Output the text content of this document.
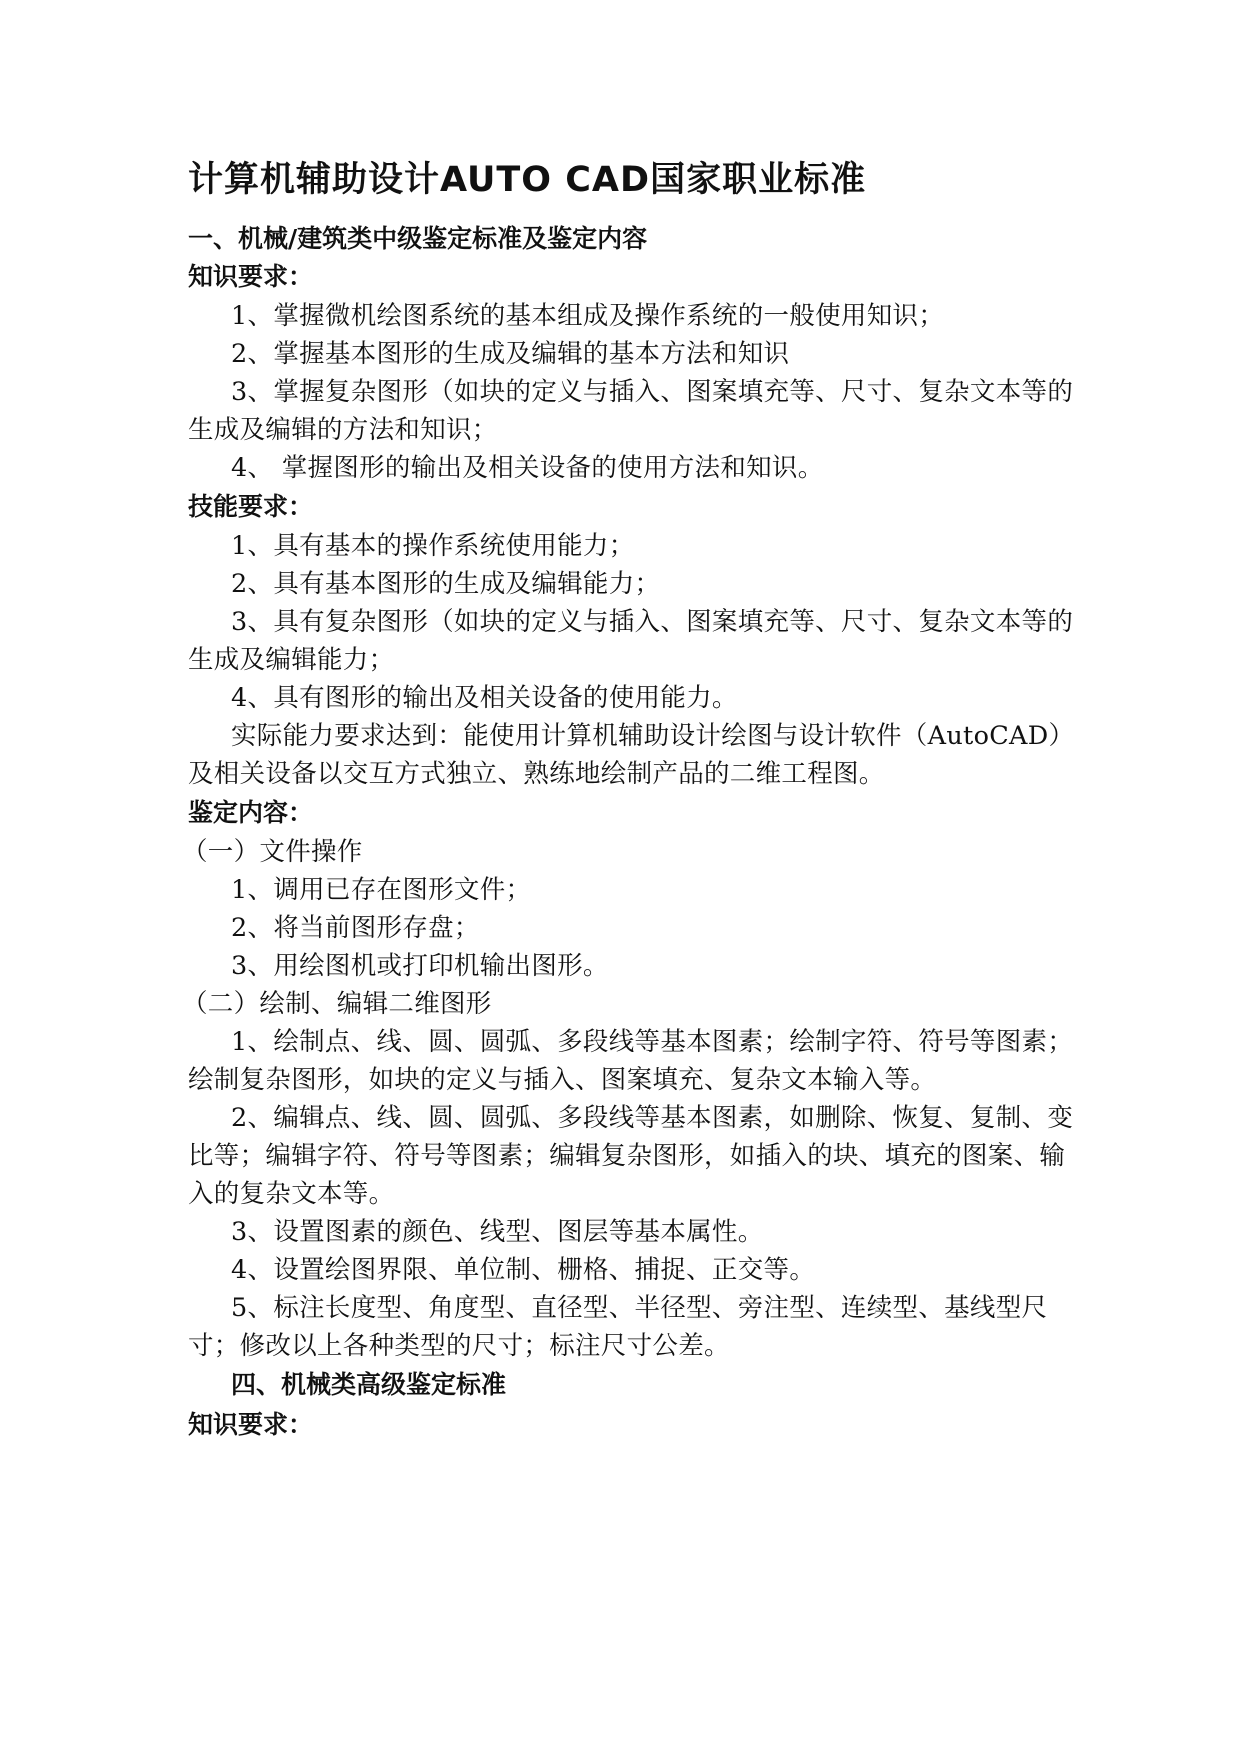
计算机辅助设计AUTO CAD国家职业标准
一、机械/建筑类中级鉴定标准及鉴定内容
知识要求：

1、掌握微机绘图系统的基本组成及操作系统的一般使用知识；

2、掌握基本图形的生成及编辑的基本方法和知识

3、掌握复杂图形（如块的定义与插入、图案填充等、尺寸、复杂文本等的生成及编辑的方法和知识；

4、 掌握图形的输出及相关设备的使用方法和知识。

技能要求：

1、具有基本的操作系统使用能力；

2、具有基本图形的生成及编辑能力；

3、具有复杂图形（如块的定义与插入、图案填充等、尺寸、复杂文本等的生成及编辑能力；

4、具有图形的输出及相关设备的使用能力。

实际能力要求达到：能使用计算机辅助设计绘图与设计软件（AutoCAD）及相关设备以交互方式独立、熟练地绘制产品的二维工程图。

鉴定内容：

（一）文件操作

1、调用已存在图形文件；

2、将当前图形存盘；

3、用绘图机或打印机输出图形。

（二）绘制、编辑二维图形

1、绘制点、线、圆、圆弧、多段线等基本图素；绘制字符、符号等图素；绘制复杂图形，如块的定义与插入、图案填充、复杂文本输入等。

2、编辑点、线、圆、圆弧、多段线等基本图素，如删除、恢复、复制、变比等；编辑字符、符号等图素；编辑复杂图形，如插入的块、填充的图案、输入的复杂文本等。

3、设置图素的颜色、线型、图层等基本属性。

4、设置绘图界限、单位制、栅格、捕捉、正交等。

5、标注长度型、角度型、直径型、半径型、旁注型、连续型、基线型尺寸；修改以上各种类型的尺寸；标注尺寸公差。

四、机械类高级鉴定标准
知识要求：
